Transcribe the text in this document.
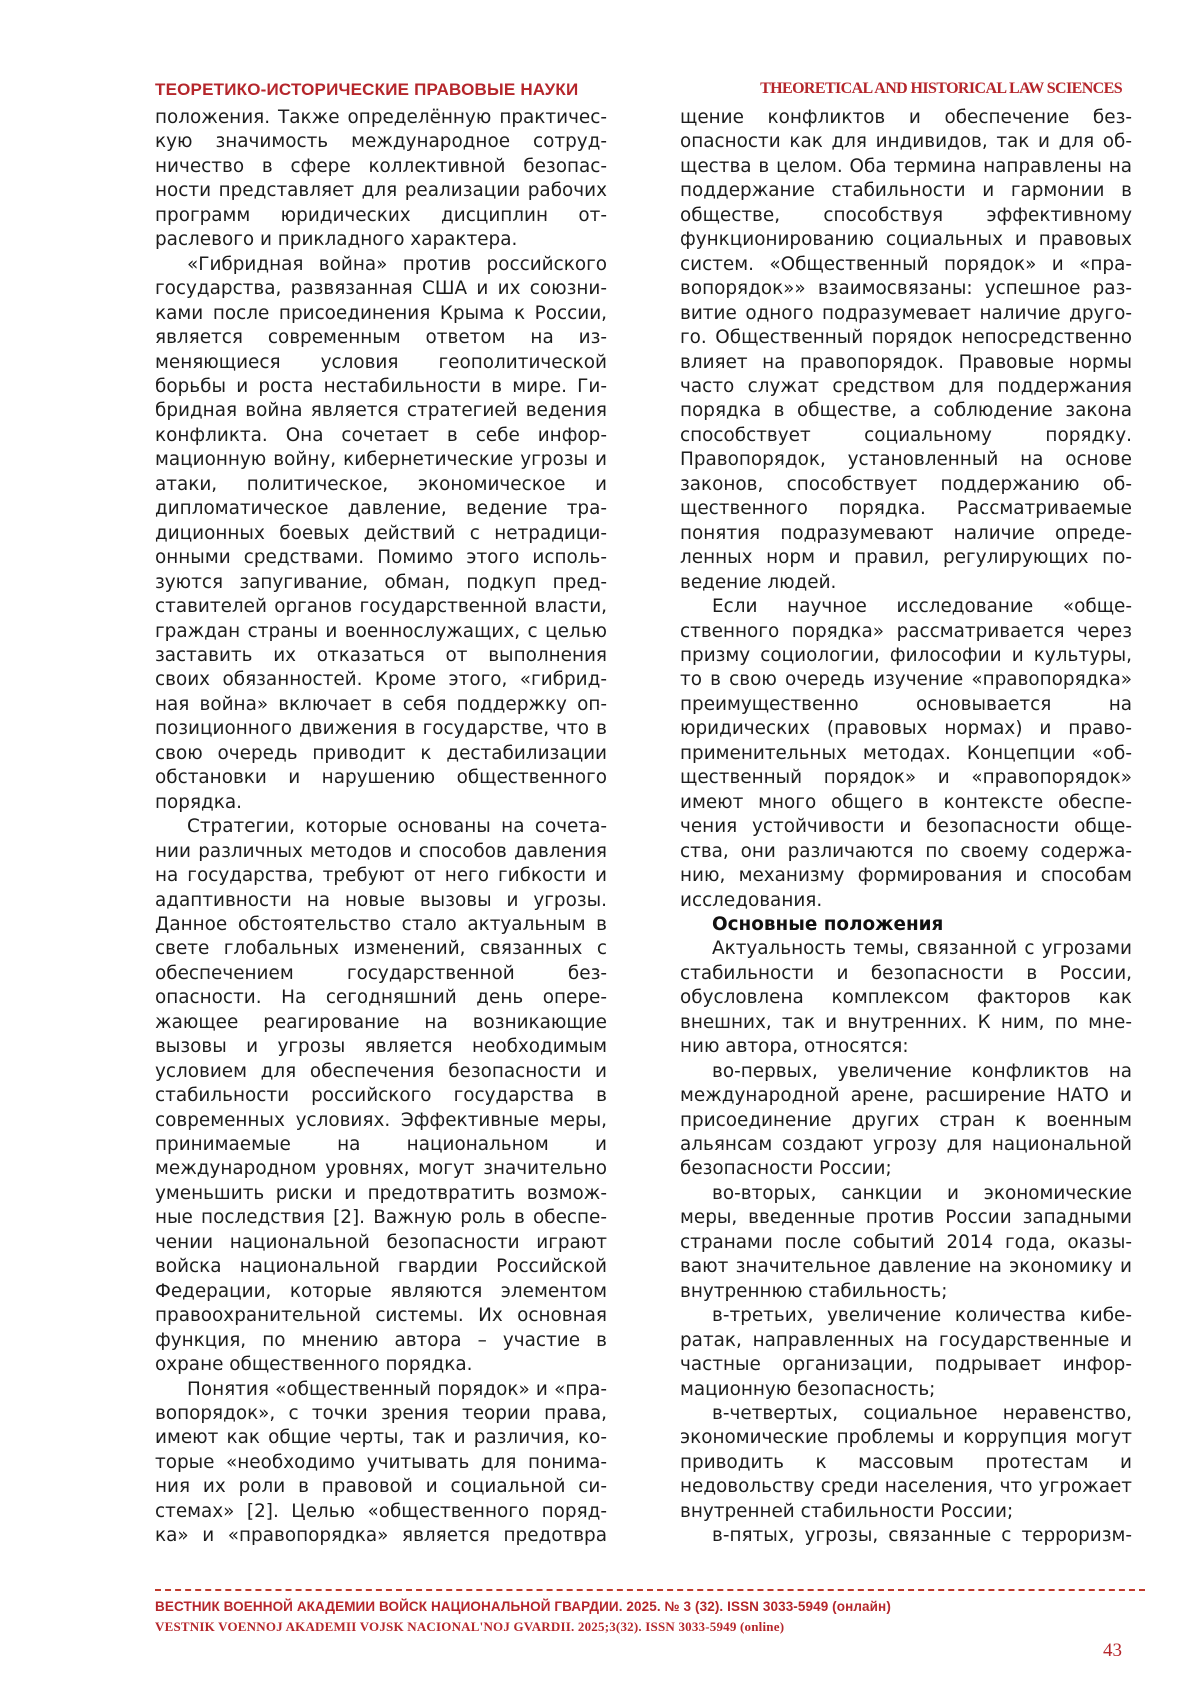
ТЕОРЕТИКО-ИСТОРИЧЕСКИЕ ПРАВОВЫЕ НАУКИ	THEORETICAL AND HISTORICAL LAW SCIENCES

положения. Также определённую практическую значимость международное сотрудничество в сфере коллективной безопасности представляет для реализации рабочих программ юридических дисциплин отраслевого и прикладного характера.

«Гибридная война» против российского государства, развязанная США и их союзниками после присоединения Крыма к России, является современным ответом на изменяющиеся условия геополитической борьбы и роста нестабильности в мире. Гибридная война является стратегией ведения конфликта. Она сочетает в себе информационную войну, кибернетические угрозы и атаки, политическое, экономическое и дипломатическое давление, ведение традиционных боевых действий с нетрадиционными средствами. Помимо этого используются запугивание, обман, подкуп представителей органов государственной власти, граждан страны и военнослужащих, с целью заставить их отказаться от выполнения своих обязанностей. Кроме этого, «гибридная война» включает в себя поддержку оппозиционного движения в государстве, что в свою очередь приводит к дестабилизации обстановки и нарушению общественного порядка.

Стратегии, которые основаны на сочетании различных методов и способов давления на государства, требуют от него гибкости и адаптивности на новые вызовы и угрозы. Данное обстоятельство стало актуальным в свете глобальных изменений, связанных с обеспечением государственной безопасности. На сегодняшний день опережающее реагирование на возникающие вызовы и угрозы является необходимым условием для обеспечения безопасности и стабильности российского государства в современных условиях. Эффективные меры, принимаемые на национальном и международном уровнях, могут значительно уменьшить риски и предотвратить возможные последствия [2]. Важную роль в обеспечении национальной безопасности играют войска национальной гвардии Российской Федерации, которые являются элементом правоохранительной системы. Их основная функция, по мнению автора – участие в охране общественного порядка.

Понятия «общественный порядок» и «правопорядок», с точки зрения теории права, имеют как общие черты, так и различия, которые «необходимо учитывать для понимания их роли в правовой и социальной системах» [2]. Целью «общественного порядка» и «правопорядка» является предотвра

щение конфликтов и обеспечение безопасности как для индивидов, так и для общества в целом. Оба термина направлены на поддержание стабильности и гармонии в обществе, способствуя эффективному функционированию социальных и правовых систем. «Общественный порядок» и «правопорядок»» взаимосвязаны: успешное развитие одного подразумевает наличие другого. Общественный порядок непосредственно влияет на правопорядок. Правовые нормы часто служат средством для поддержания порядка в обществе, а соблюдение закона способствует социальному порядку. Правопорядок, установленный на основе законов, способствует поддержанию общественного порядка. Рассматриваемые понятия подразумевают наличие определенных норм и правил, регулирующих поведение людей.

Если научное исследование «общественного порядка» рассматривается через призму социологии, философии и культуры, то в свою очередь изучение «правопорядка» преимущественно основывается на юридических (правовых нормах) и правоприменительных методах. Концепции «общественный порядок» и «правопорядок» имеют много общего в контексте обеспечения устойчивости и безопасности общества, они различаются по своему содержанию, механизму формирования и способам исследования.

Основные положения

Актуальность темы, связанной с угрозами стабильности и безопасности в России, обусловлена комплексом факторов как внешних, так и внутренних. К ним, по мнению автора, относятся:

во-первых, увеличение конфликтов на международной арене, расширение НАТО и присоединение других стран к военным альянсам создают угрозу для национальной безопасности России;

во-вторых, санкции и экономические меры, введенные против России западными странами после событий 2014 года, оказывают значительное давление на экономику и внутреннюю стабильность;

в-третьих, увеличение количества кибератак, направленных на государственные и частные организации, подрывает информационную безопасность;

в-четвертых, социальное неравенство, экономические проблемы и коррупция могут приводить к массовым протестам и недовольству среди населения, что угрожает внутренней стабильности России;

в-пятых, угрозы, связанные с терроризм-

ВЕСТНИК ВОЕННОЙ АКАДЕМИИ ВОЙСК НАЦИОНАЛЬНОЙ ГВАРДИИ. 2025. № 3 (32). ISSN 3033-5949 (онлайн)
VESTNIK VOENNOJ AKADEMII VOJSK NACIONAL'NOJ GVARDII. 2025;3(32). ISSN 3033-5949 (online)
43
